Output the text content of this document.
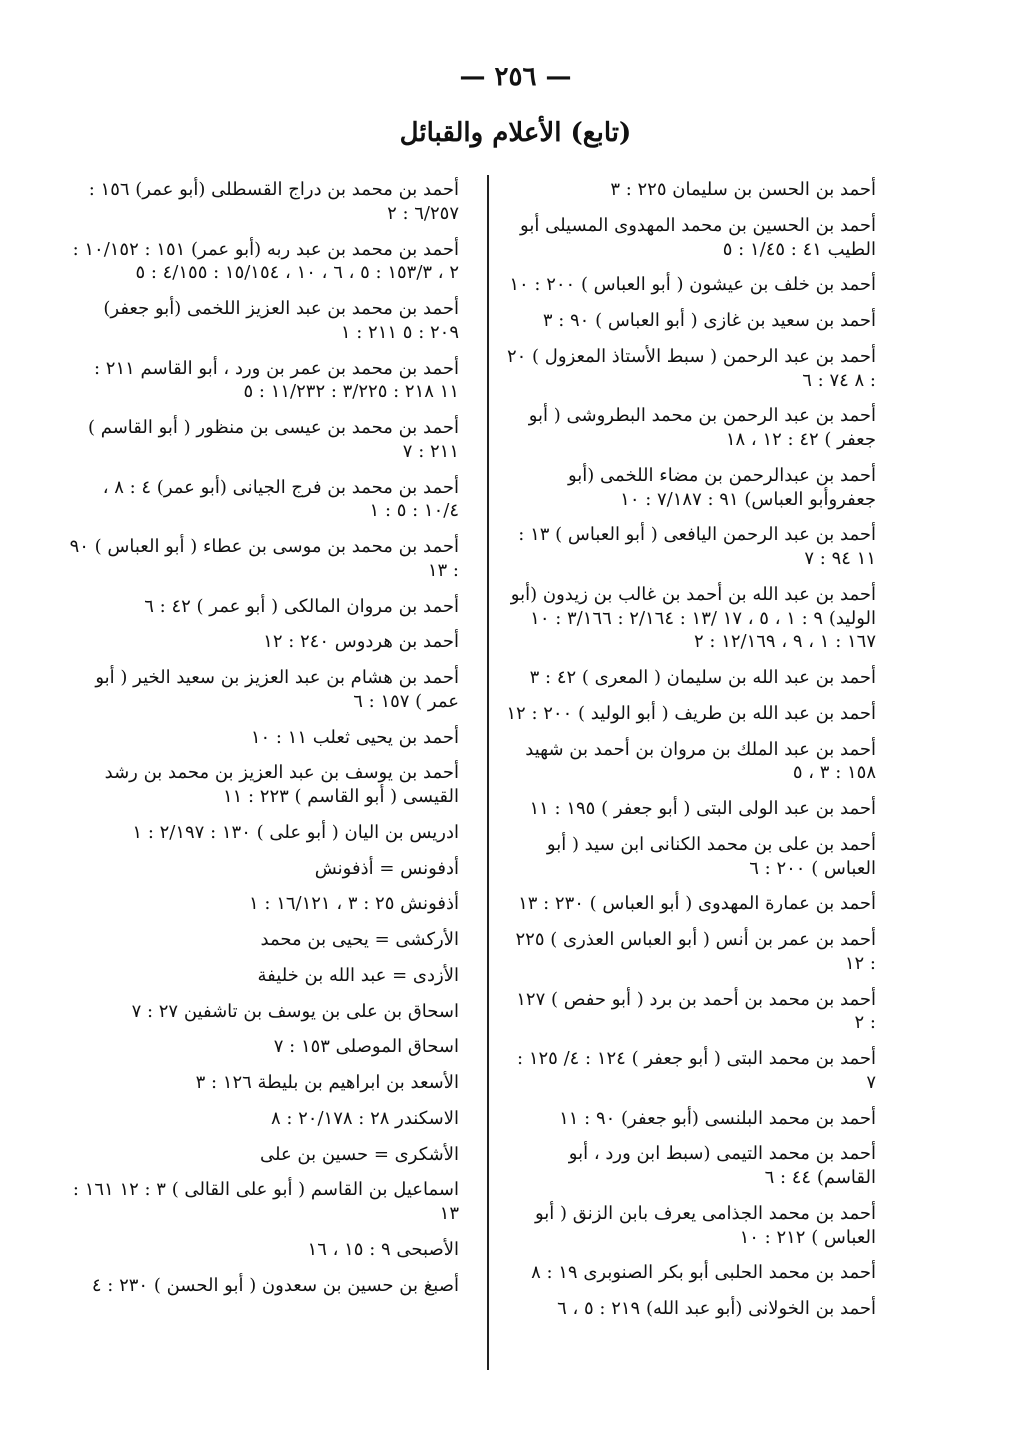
— ٢٥٦ —
(تابع) الأعلام والقبائل
أحمد بن الحسن بن سليمان ٢٢٥ : ٣
أحمد بن الحسين بن محمد المهدوى المسيلى أبو الطيب ٤١ : ١/٤٥ : ٥
أحمد بن خلف بن عيشون ( أبو العباس ) ٢٠٠ : ١٠
أحمد بن سعيد بن غازى ( أبو العباس ) ٩٠ : ٣
أحمد بن عبد الرحمن ( سبط الأستاذ المعزول ) ٢٠ : ٨ ٧٤ : ٦
أحمد بن عبد الرحمن بن محمد البطروشى ( أبو جعفر ) ٤٢ : ١٢ ، ١٨
أحمد بن عبدالرحمن بن مضاء اللخمى (أبو جعفروأبو العباس) ٩١ : ٧/١٨٧ : ١٠
أحمد بن عبد الرحمن اليافعى ( أبو العباس ) ١٣ : ١١ ٩٤ : ٧
أحمد بن عبد الله بن أحمد بن غالب بن زيدون (أبو الوليد) ٩ : ١ ، ٥ ، ١٧ /١٣ : ٢/١٦٤ : ٣/١٦٦ : ١٠ ١٦٧ : ١ ، ٩ ، ١٢/١٦٩ : ٢
أحمد بن عبد الله بن سليمان ( المعرى ) ٤٢ : ٣
أحمد بن عبد الله بن طريف ( أبو الوليد ) ٢٠٠ : ١٢
أحمد بن عبد الملك بن مروان بن أحمد بن شهيد ١٥٨ : ٣ ، ٥
أحمد بن عبد الولى البتى ( أبو جعفر ) ١٩٥ : ١١
أحمد بن على بن محمد الكنانى ابن سيد ( أبو العباس ) ٢٠٠ : ٦
أحمد بن عمارة المهدوى ( أبو العباس ) ٢٣٠ : ١٣
أحمد بن عمر بن أنس ( أبو العباس العذرى ) ٢٢٥ : ١٢
أحمد بن محمد بن أحمد بن برد ( أبو حفص ) ١٢٧ : ٢
أحمد بن محمد البتى ( أبو جعفر ) ١٢٤ : ٤/ ١٢٥ : ٧
أحمد بن محمد البلنسى (أبو جعفر) ٩٠ : ١١
أحمد بن محمد التيمى (سبط ابن ورد ، أبو القاسم) ٤٤ : ٦
أحمد بن محمد الجذامى يعرف بابن الزنق ( أبو العباس ) ٢١٢ : ١٠
أحمد بن محمد الحلبى أبو بكر الصنوبرى ١٩ : ٨
أحمد بن الخولانى (أبو عبد الله) ٢١٩ : ٥ ، ٦
أحمد بن محمد بن دراج القسطلى (أبو عمر) ١٥٦ : ٦/٢٥٧ : ٢
أحمد بن محمد بن عبد ربه (أبو عمر) ١٥١ : ١٠/١٥٢ : ٢ ، ١٥٣/٣ : ٥ ، ٦ ، ١٠ ، ١٥/١٥٤ : ٤/١٥٥ : ٥
أحمد بن محمد بن عبد العزيز اللخمى (أبو جعفر) ٢٠٩ : ٥ ٢١١ : ١
أحمد بن محمد بن عمر بن ورد ، أبو القاسم ٢١١ : ١١ ٢١٨ : ٣/٢٢٥ : ١١/٢٣٢ : ٥
أحمد بن محمد بن عيسى بن منظور ( أبو القاسم ) ٢١١ : ٧
أحمد بن محمد بن فرج الجيانى (أبو عمر) ٤ : ٨ ، ١٠/٤ : ٥ : ١
أحمد بن محمد بن موسى بن عطاء ( أبو العباس ) ٩٠ : ١٣
أحمد بن مروان المالكى ( أبو عمر ) ٤٢ : ٦
أحمد بن هردوس ٢٤٠ : ١٢
أحمد بن هشام بن عبد العزيز بن سعيد الخير ( أبو عمر ) ١٥٧ : ٦
أحمد بن يحيى ثعلب ١١ : ١٠
أحمد بن يوسف بن عبد العزيز بن محمد بن رشد القيسى ( أبو القاسم ) ٢٢٣ : ١١
ادريس بن اليان ( أبو على ) ١٣٠ : ٢/١٩٧ : ١
أدفونس = أذفونش
أذفونش ٢٥ : ٣ ، ١٦/١٢١ : ١
الأركشى = يحيى بن محمد
الأزدى = عبد الله بن خليفة
اسحاق بن على بن يوسف بن تاشفين ٢٧ : ٧
اسحاق الموصلى ١٥٣ : ٧
الأسعد بن ابراهيم بن بليطة ١٢٦ : ٣
الاسكندر ٢٨ : ٢٠/١٧٨ : ٨
الأشكرى = حسين بن على
اسماعيل بن القاسم ( أبو على القالى ) ٣ : ١٢ ١٦١ : ١٣
الأصبحى ٩ : ١٥ ، ١٦
أصبغ بن حسين بن سعدون ( أبو الحسن ) ٢٣٠ : ٤
